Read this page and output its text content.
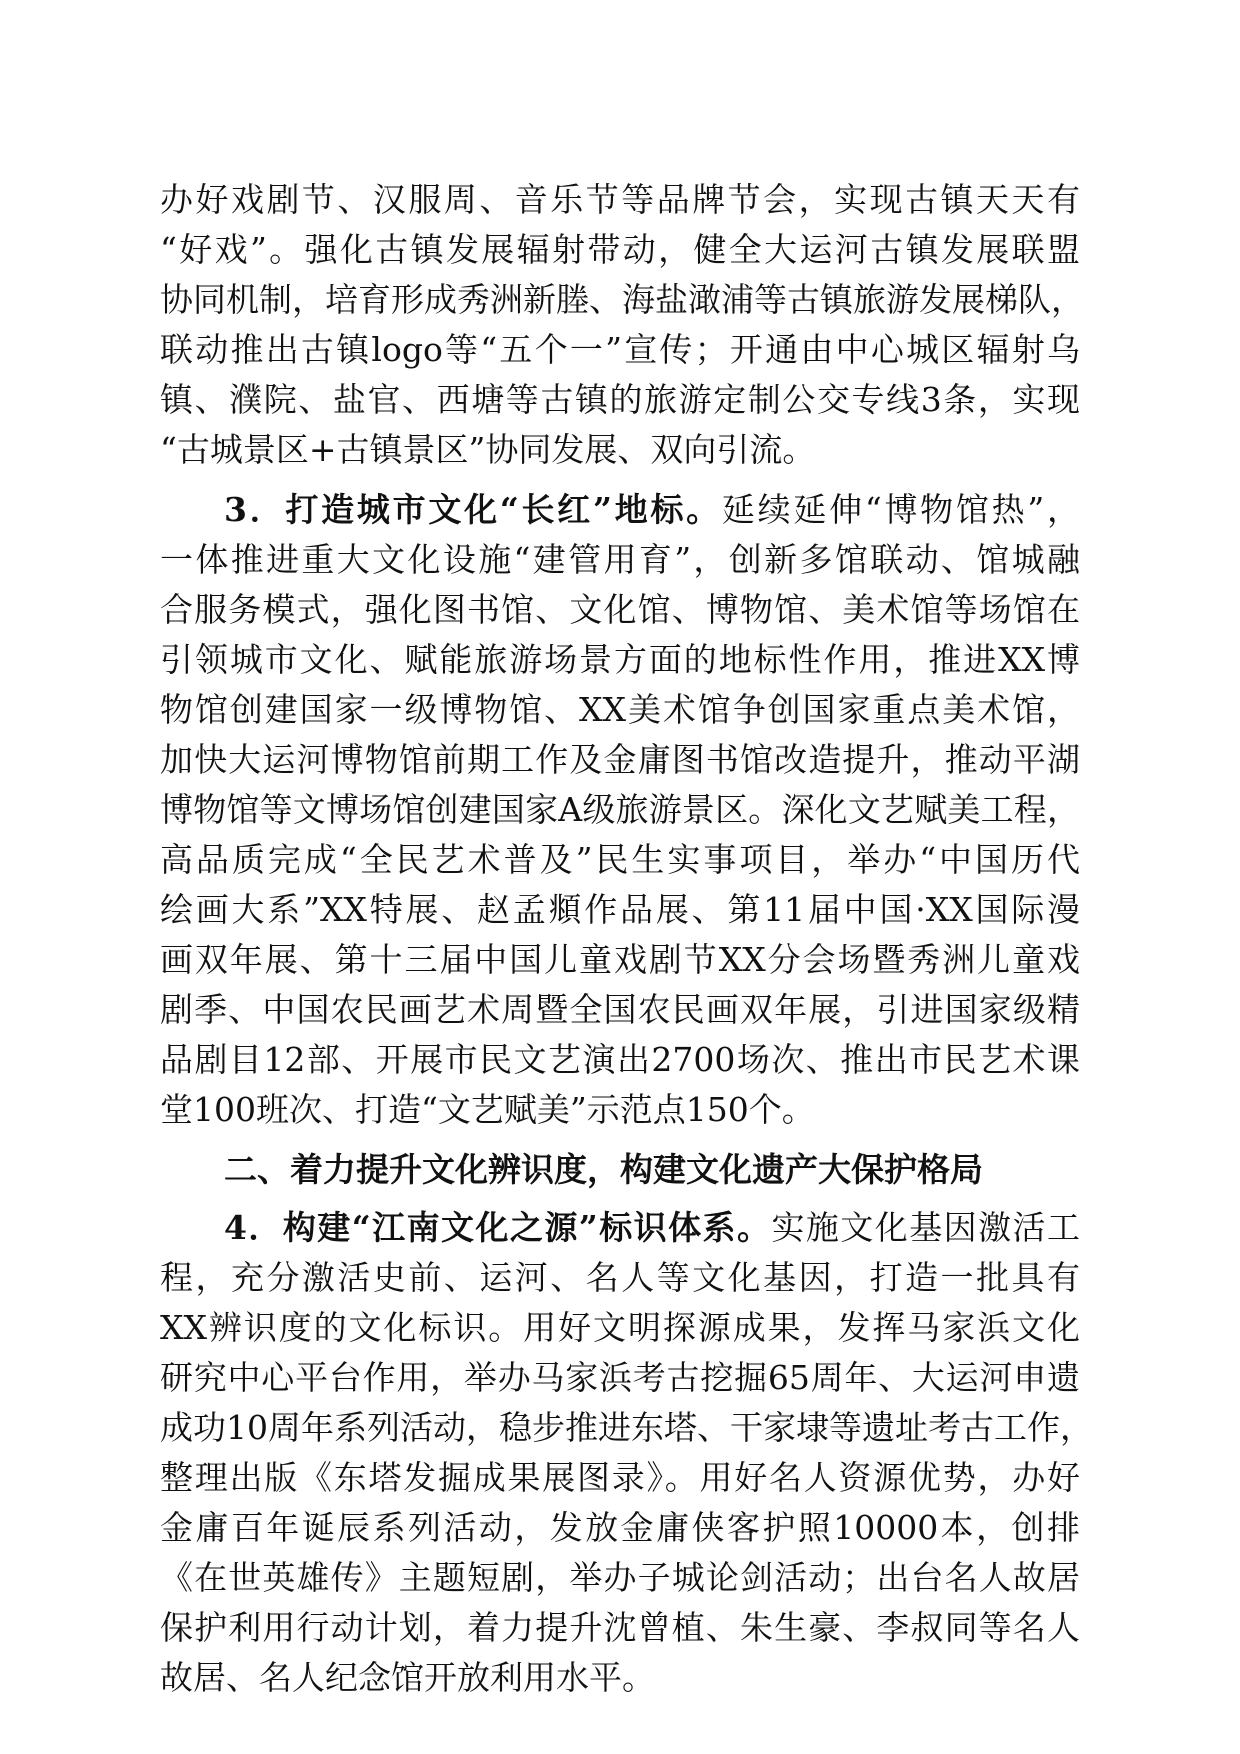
办好戏剧节、汉服周、音乐节等品牌节会，实现古镇天天有
“好戏”。强化古镇发展辐射带动，健全大运河古镇发展联盟
协同机制，培育形成秀洲新塍、海盐澉浦等古镇旅游发展梯队，
联动推出古镇logo等“五个一”宣传；开通由中心城区辐射乌
镇、濮院、盐官、西塘等古镇的旅游定制公交专线3条，实现
“古城景区+古镇景区”协同发展、双向引流。
3．打造城市文化“长红”地标。延续延伸“博物馆热”，
一体推进重大文化设施“建管用育”，创新多馆联动、馆城融
合服务模式，强化图书馆、文化馆、博物馆、美术馆等场馆在
引领城市文化、赋能旅游场景方面的地标性作用，推进XX博
物馆创建国家一级博物馆、XX美术馆争创国家重点美术馆，
加快大运河博物馆前期工作及金庸图书馆改造提升，推动平湖
博物馆等文博场馆创建国家A级旅游景区。深化文艺赋美工程，
高品质完成“全民艺术普及”民生实事项目，举办“中国历代
绘画大系”XX特展、赵孟頫作品展、第11届中国·XX国际漫
画双年展、第十三届中国儿童戏剧节XX分会场暨秀洲儿童戏
剧季、中国农民画艺术周暨全国农民画双年展，引进国家级精
品剧目12部、开展市民文艺演出2700场次、推出市民艺术课
堂100班次、打造“文艺赋美”示范点150个。
二、着力提升文化辨识度，构建文化遗产大保护格局
4．构建“江南文化之源”标识体系。实施文化基因激活工
程，充分激活史前、运河、名人等文化基因，打造一批具有
XX辨识度的文化标识。用好文明探源成果，发挥马家浜文化
研究中心平台作用，举办马家浜考古挖掘65周年、大运河申遗
成功10周年系列活动，稳步推进东塔、干家埭等遗址考古工作，
整理出版《东塔发掘成果展图录》。用好名人资源优势，办好
金庸百年诞辰系列活动，发放金庸侠客护照10000本，创排
《在世英雄传》主题短剧，举办子城论剑活动；出台名人故居
保护利用行动计划，着力提升沈曾植、朱生豪、李叔同等名人
故居、名人纪念馆开放利用水平。
